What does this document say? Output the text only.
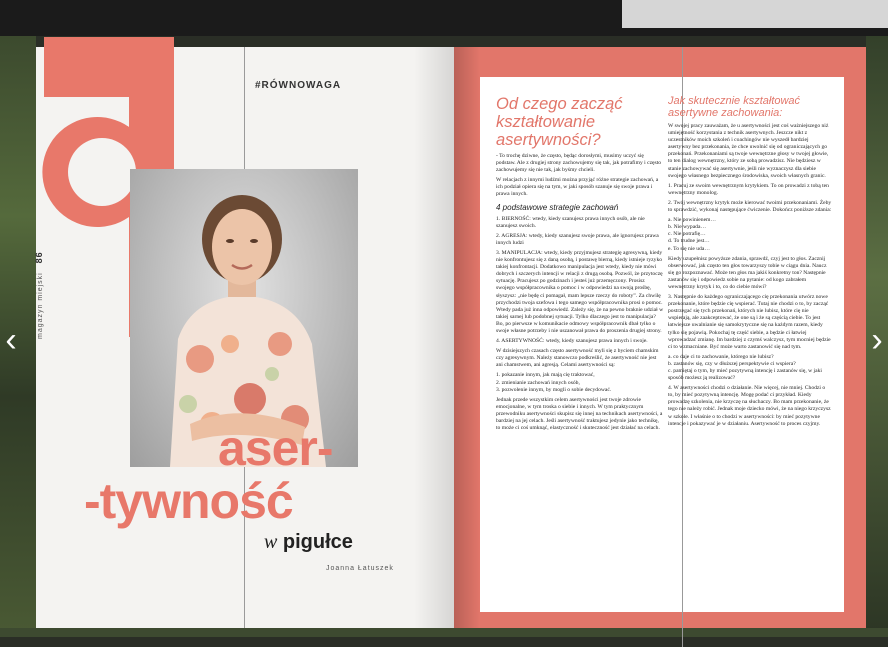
#RÓWNOWAGA
magazyn miejski   86
aser-
-tywność
w pigułce
Joanna Łatuszek
Od czego zacząć kształtowanie asertywności?

- To trochę dziwne, że często, będąc dorosłymi, musimy uczyć się podstaw. Ale z drugiej strony zachowujemy się tak, jak potrafimy i często zachowujemy się nie tak, jak byśmy chcieli.

W relacjach z innymi ludźmi można przyjąć różne strategie zachowań, a ich podział opiera się na tym, w jaki sposób szanuje się swoje prawa i prawa innych.

4 podstawowe strategie zachowań

1. BIERNOŚĆ: wtedy, kiedy szanujesz prawa innych osób, ale nie szanujesz swoich.

2. AGRESJA: wtedy, kiedy szanujesz swoje prawa, ale ignorujesz prawa innych ludzi

3. MANIPULACJA: wtedy, kiedy przyjmujesz strategię agresywną, kiedy nie konfrontujesz się z daną osobą, i postawę bierną, kiedy istnieje ryzyko takiej konfrontacji. Dodatkowo manipulacja jest wtedy, kiedy nie mówi dobrych i szczerych intencji w relacji z drugą osobą. Pozwól, że przytoczę sytuację. Pracujesz po godzinach i jesteś już przemęczony. Prosisz swojego współpracownika o pomoc i w odpowiedzi na swoją prośbę, słyszysz: „nie będę ci pomagał, mam lepsze rzeczy do roboty”. Za chwilę przychodzi twoja szefowa i tego samego współpracownika prosi o pomoc. Wtedy pada już inna odpowiedź. Zależy się, że na pewno braknie udział w takiej sarnej lub podobnej sytuacji. Tylko dlaczego jest to manipulacja? Bo, po pierwsze w komunikacie odmowy współpracownik dbał tylko o swoje własne potrzeby i nie uszanował prawa do proszenia drugiej strony.

4. ASERTYWNOŚĆ: wtedy, kiedy szanujesz prawa innych i swoje.

W dzisiejszych czasach często asertywność myli się z byciem chamskim czy agresywnym. Należy stanowczo podkreślić, że asertywność nie jest ani chamstwem, ani agresją. Celami asertywności są:

1. pokazanie innym, jak mają cię traktować,
2. zmienianie zachowań innych osób,
3. pozwolenie innym, by mogli o sobie decydować.

Jednak przede wszystkim celem asertywności jest twoje zdrowie emocjonalne, w tym troska o siebie i innych. W tym praktycznym przewodniku asertywności skupisz się innej na technikach asertywności, a bardziej na jej celach. Jeśli asertywność traktujesz jedynie jako technikę, to może ci coś umknąć, elastyczność i skuteczność jest działać na celach.

Jak skutecznie kształtować asertywne zachowania:

W swojej pracy zauważam, że u asertywności jest coś ważniejszego niż umiejętność korzystania z technik asertywnych. Jeszcze nikt z uczestników moich szkoleń i coachingów nie wyszedł bardziej asertywny bez przekonania, że chce uwolnić się od ograniczających go przekonań. Przekonaniami są twoje wewnętrzne głosy w twojej głowie, to ten dialog wewnętrzny, który ze sobą prowadzisz. Nie będziesz w stanie zachowywać się asertywnie, jeśli nie wyznaczysz dla siebie swojego własnego bezpiecznego środowiska, swoich własnych granic.

1. Pracuj ze swoim wewnętrznym krytykiem. To on prowadzi z tobą ten wewnętrzny monolog.

2. Twój wewnętrzny krytyk może kierować twoimi przekonaniami. Żeby to sprawdzić, wykonaj następujące ćwiczenie. Dokończ poniższe zdania:

a. Nie powinienem…
b. Nie wypada…
c. Nie potrafię…
d. To trudne jest…
e. To się nie uda…

Kiedy uzupełnisz powyższe zdania, sprawdź, czyj jest to głos. Zacznij obserwować, jak często ten głos towarzyszy tobie w ciągu dnia. Naucz się go rozpoznawać. Może ten głos ma jakiś konkretny ton? Następnie zastanów się i odpowiedz sobie na pytanie: od kogo zabrałem wewnętrzny krytyk i to, co do ciebie mówi?

3. Następnie do każdego ograniczającego cię przekonania utwórz nowe przekonanie, które będzie cię wspierać. Tutaj nie chodzi o to, by zacząć postrzegać się tych przekonań, których nie lubisz, które cię nie wspierają, ale zaakceptować, że one są i że są częścią ciebie. To jest łatwiejsze uwalnianie się samokrytyczne się na każdym razem, kiedy tylko się pojawią. Pokochaj tę część siebie, a będzie ci łatwiej wprowadzać zmianę. Im bardziej z czymś walczysz, tym mocniej będzie ci to wzmacniane. Być może warto zastanowić się nad tym.

a. co daje ci to zachowanie, którego nie lubisz?
b. zastanów się, czy w dłuższej perspektywie ci wspiera?
c. pamiętaj o tym, by mieć pozytywną intencję i zastanów się, w jaki sposób możesz ją realizować?

4. W asertywności chodzi o działanie. Nie więcej, nie mniej. Chodzi o to, by mieć pozytywną intencję. Mogę podać ci przykład. Kiedy prowadzę szkolenia, nie krzyczę na słuchaczy. Bo mam przekonanie, że tego nie należy robić. Jednak moje dziecko mówi, że na niego krzyczysz w szkole. I właśnie o to chodzi w asertywności: by mieć pozytywne intencje i pokazywać je w działaniu. Asertywność to proces czyjmy.

‹	›
